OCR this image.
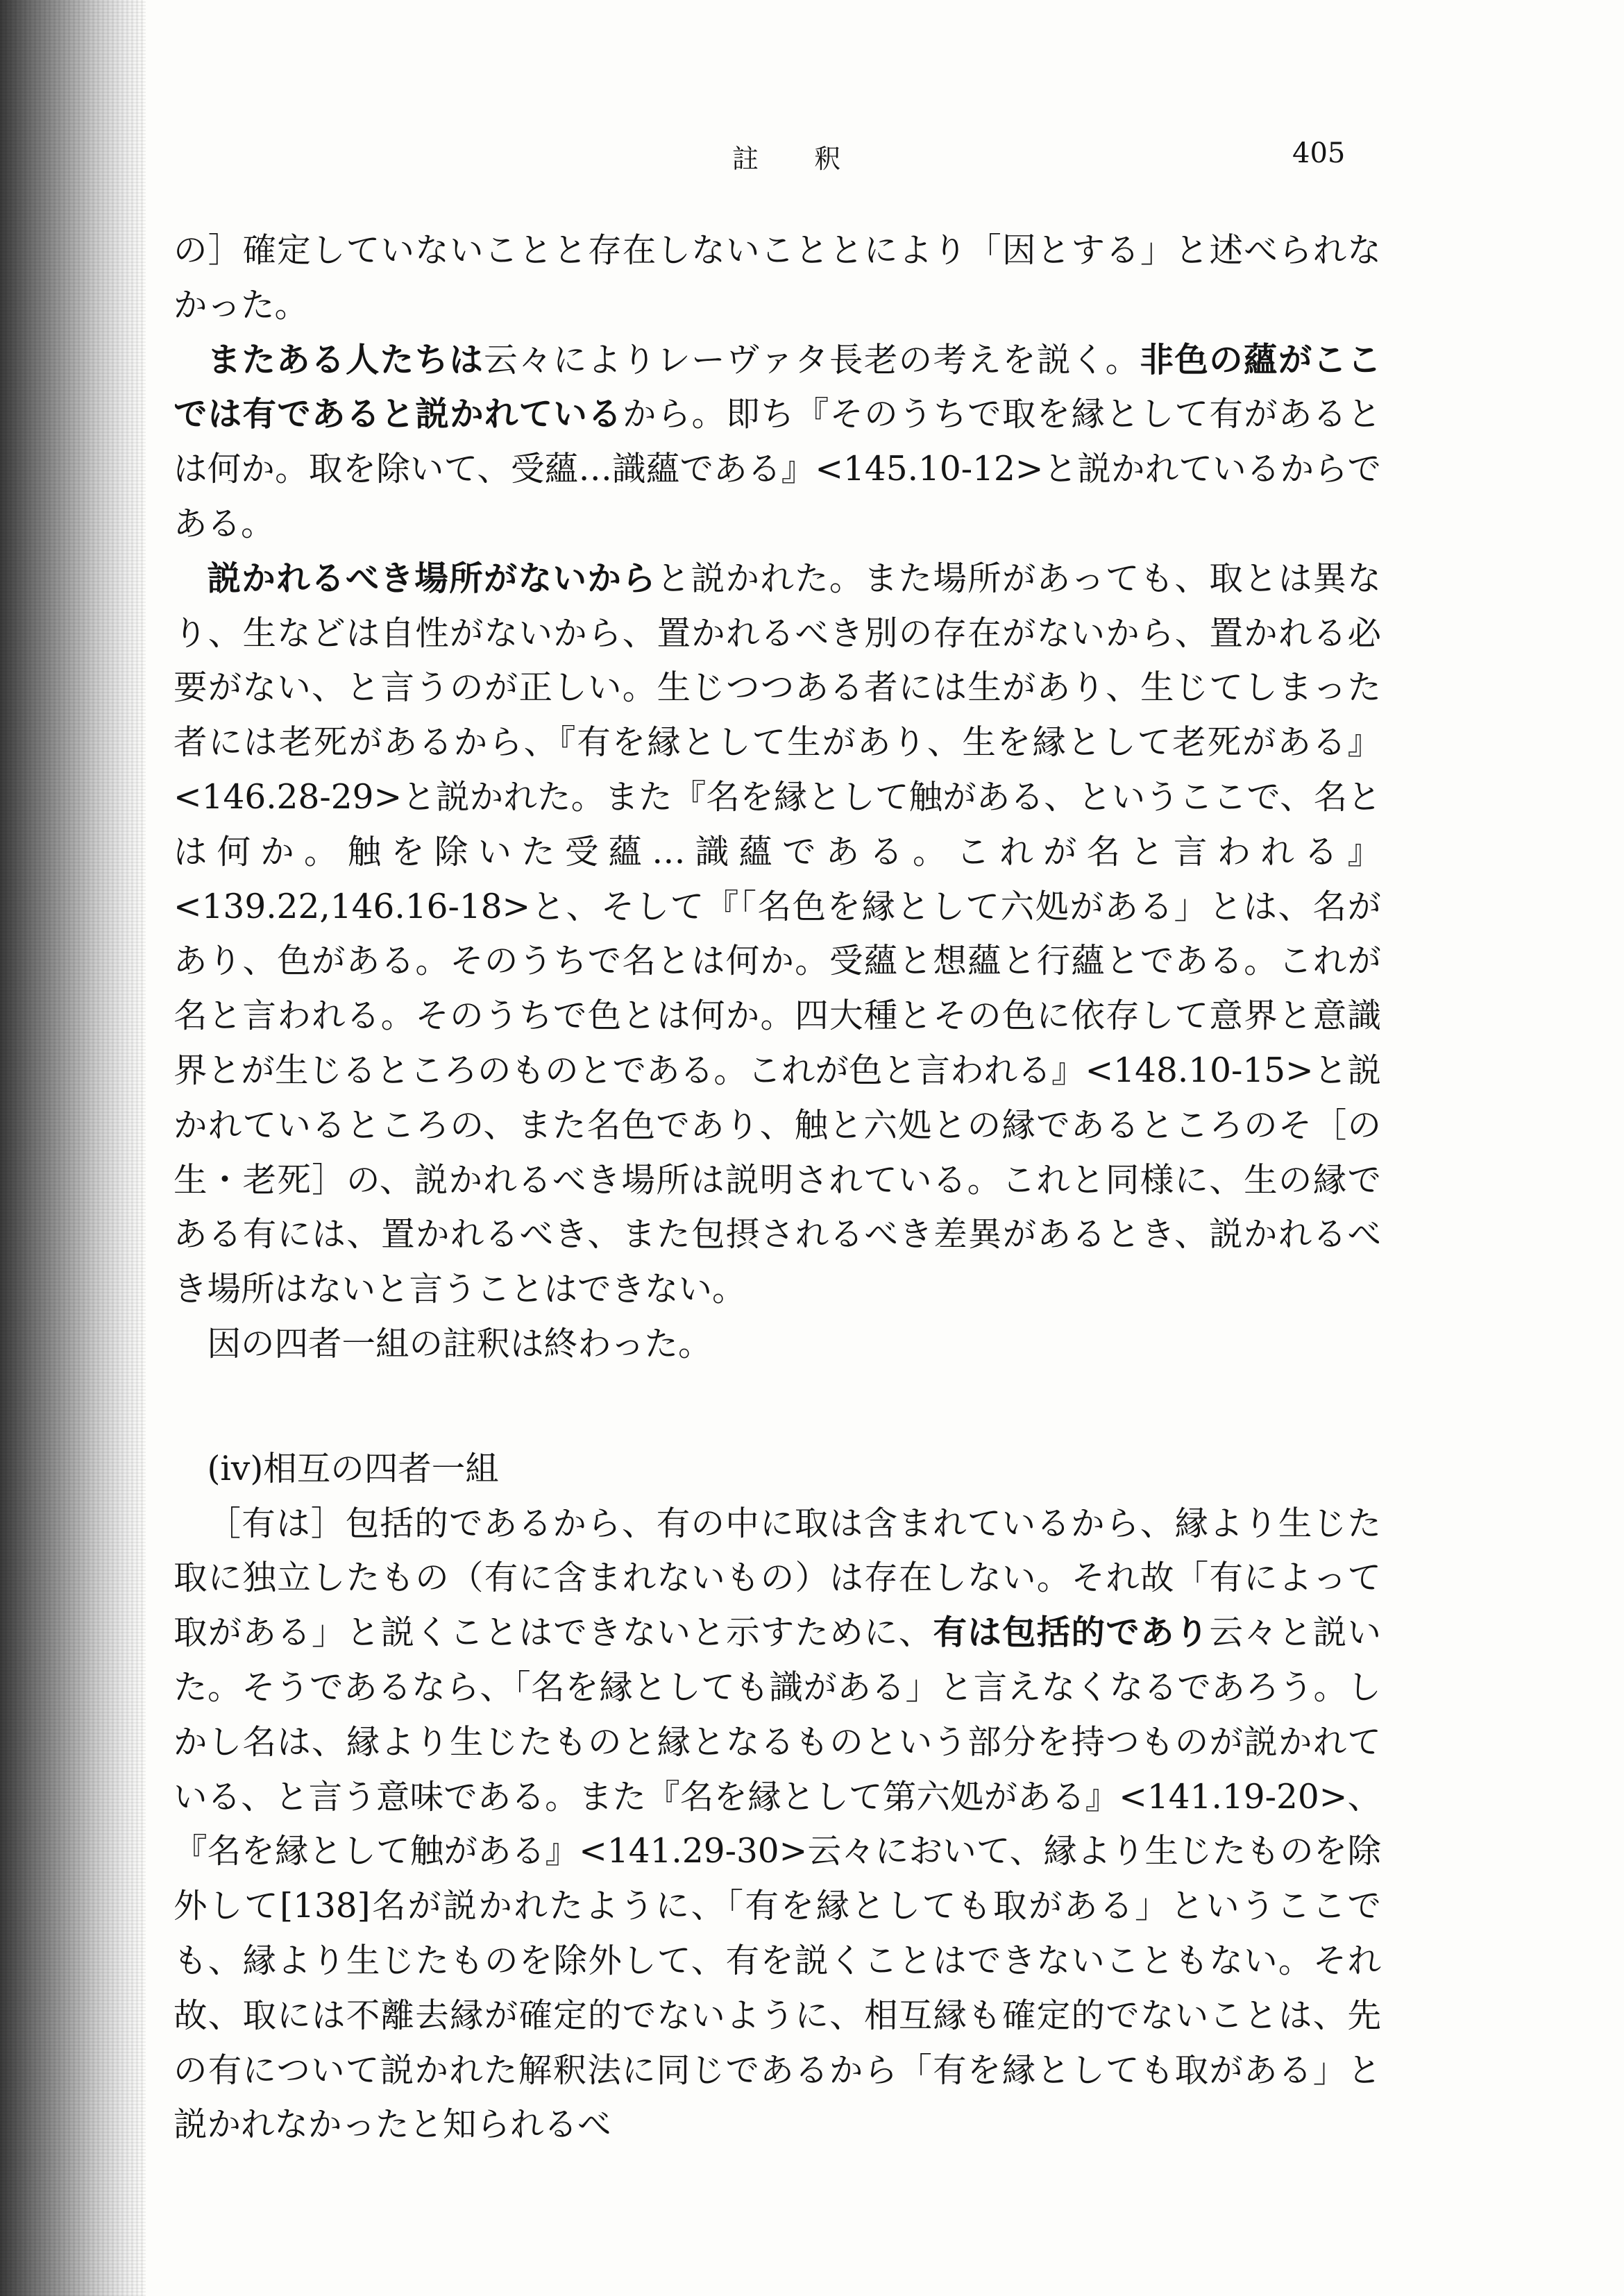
註 釈	405

の］確定していないことと存在しないこととにより「因とする」と述べられなかった。

またある人たちは云々によりレーヴァタ長老の考えを説く。非色の蘊がここでは有であると説かれているから。即ち『そのうちで取を縁として有があるとは何か。取を除いて、受蘊…識蘊である』<145.10-12>と説かれているからである。

説かれるべき場所がないからと説かれた。また場所があっても、取とは異なり、生などは自性がないから、置かれるべき別の存在がないから、置かれる必要がない、と言うのが正しい。生じつつある者には生があり、生じてしまった者には老死があるから、『有を縁として生があり、生を縁として老死がある』<146.28-29>と説かれた。また『名を縁として触がある、というここで、名とは何か。触を除いた受蘊…識蘊である。これが名と言われる』<139.22,146.16-18>と、そして『「名色を縁として六処がある」とは、名があり、色がある。そのうちで名とは何か。受蘊と想蘊と行蘊とである。これが名と言われる。そのうちで色とは何か。四大種とその色に依存して意界と意識界とが生じるところのものとである。これが色と言われる』<148.10-15>と説かれているところの、また名色であり、触と六処との縁であるところのそ［の生・老死］の、説かれるべき場所は説明されている。これと同様に、生の縁である有には、置かれるべき、また包摂されるべき差異があるとき、説かれるべき場所はないと言うことはできない。

因の四者一組の註釈は終わった。

(iv)相互の四者一組

［有は］包括的であるから、有の中に取は含まれているから、縁より生じた取に独立したもの（有に含まれないもの）は存在しない。それ故「有によって取がある」と説くことはできないと示すために、有は包括的であり云々と説いた。そうであるなら、「名を縁としても識がある」と言えなくなるであろう。しかし名は、縁より生じたものと縁となるものという部分を持つものが説かれている、と言う意味である。また『名を縁として第六処がある』<141.19-20>、『名を縁として触がある』<141.29-30>云々において、縁より生じたものを除外して[138]名が説かれたように、「有を縁としても取がある」というここでも、縁より生じたものを除外して、有を説くことはできないこともない。それ故、取には不離去縁が確定的でないように、相互縁も確定的でないことは、先の有について説かれた解釈法に同じであるから「有を縁としても取がある」と説かれなかったと知られるべ
